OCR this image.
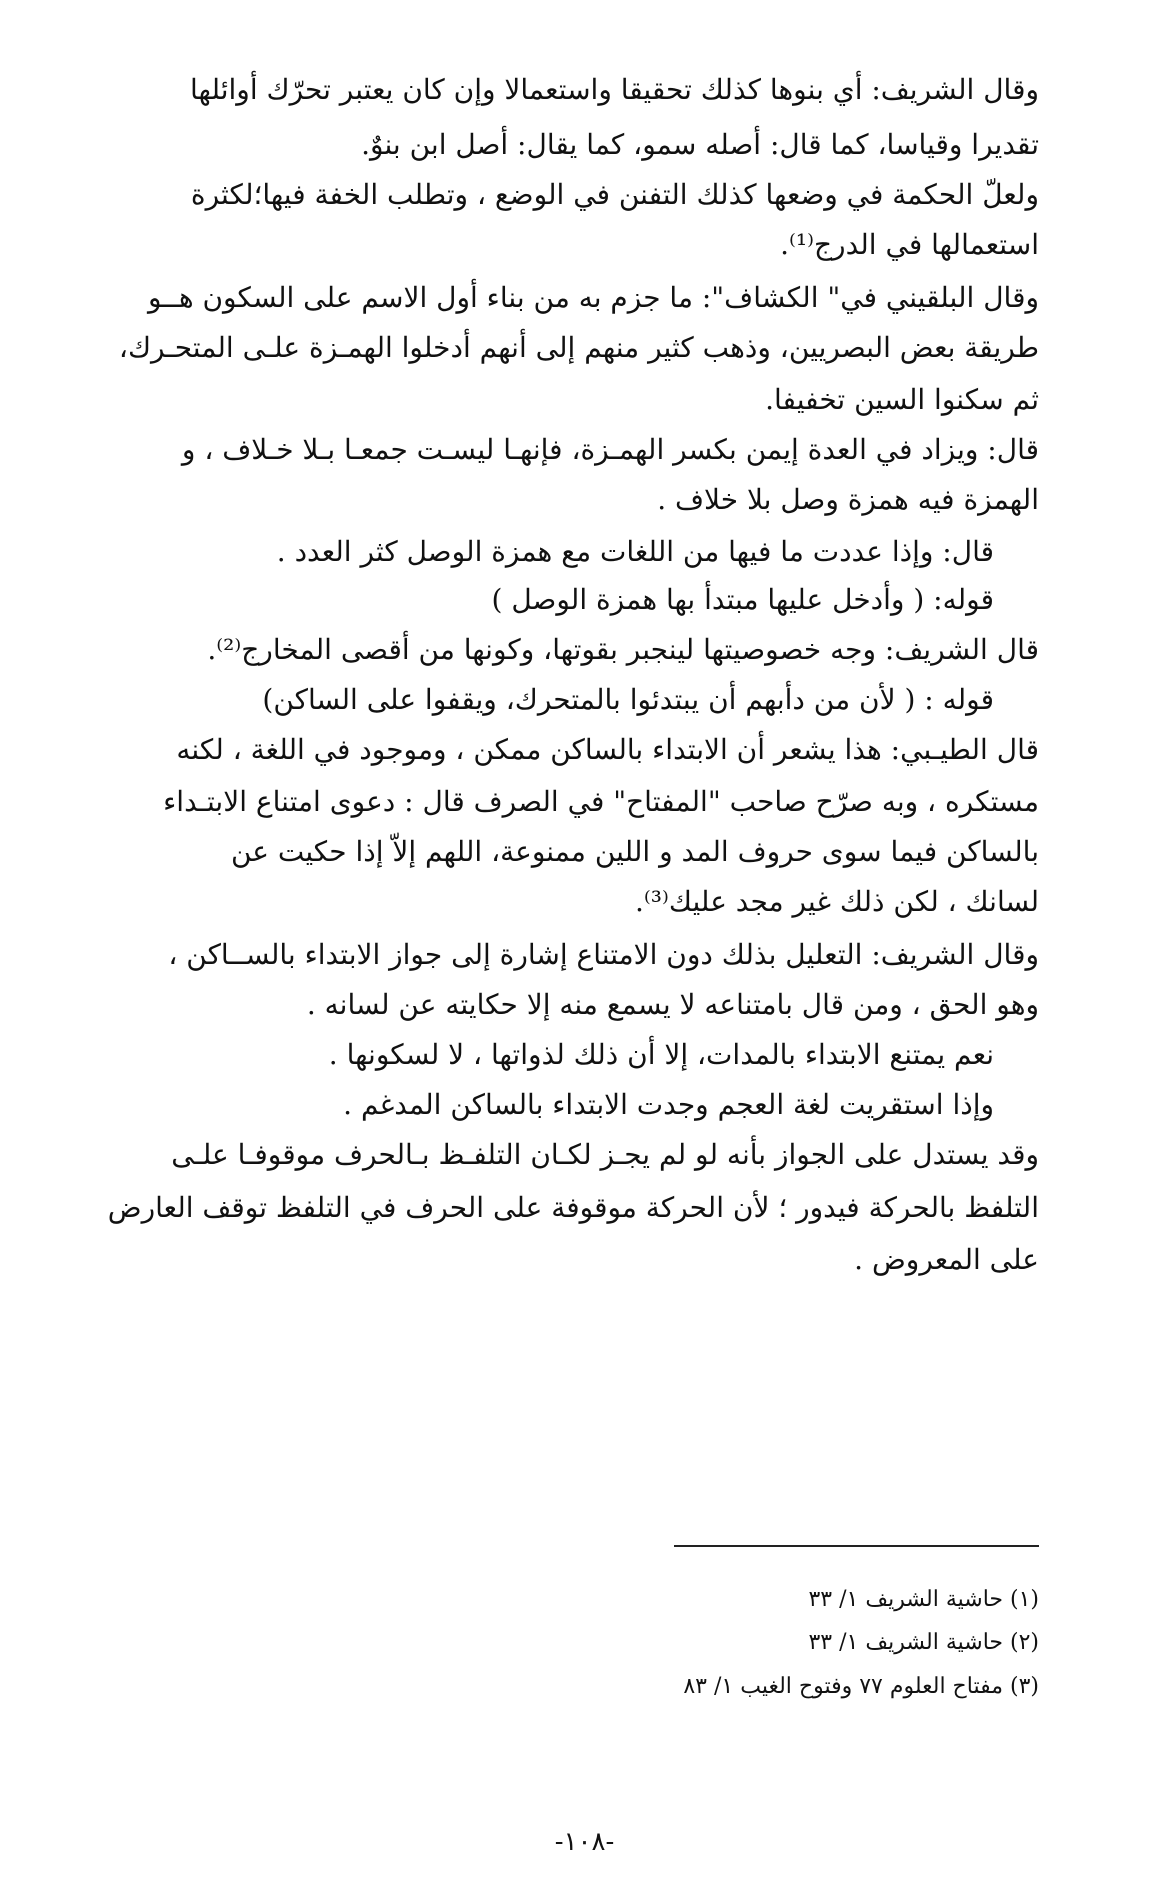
وقال الشريف: أي بنوها كذلك تحقيقا واستعمالا وإن كان يعتبر تحرّك أوائلها
تقديرا وقياسا، كما قال: أصله سمو، كما يقال: أصل ابن بنوٌ.
ولعلّ الحكمة في وضعها كذلك التفنن في الوضع ، وتطلب الخفة فيها؛لكثرة
استعمالها في الدرج⁽¹⁾.
وقال البلقيني في" الكشاف": ما جزم به من بناء أول الاسم على السكون هــو
طريقة بعض البصريين، وذهب كثير منهم إلى أنهم أدخلوا الهمـزة علـى المتحـرك،
ثم سكنوا السين تخفيفا.
قال: ويزاد في العدة إيمن بكسر الهمـزة، فإنهـا ليسـت جمعـا بـلا خـلاف ، و
الهمزة فيه همزة وصل بلا خلاف .
قال: وإذا عددت ما فيها من اللغات مع همزة الوصل كثر العدد .
قوله: ( وأدخل عليها مبتدأ بها همزة الوصل )
قال الشريف: وجه خصوصيتها لينجبر بقوتها، وكونها من أقصى المخارج⁽²⁾.
قوله : ( لأن من دأبهم أن يبتدئوا بالمتحرك، ويقفوا على الساكن)
قال الطيـبي: هذا يشعر أن الابتداء بالساكن ممكن ، وموجود في اللغة ، لكنه
مستكره ، وبه صرّح صاحب "المفتاح" في الصرف قال : دعوى امتناع الابتـداء
بالساكن فيما سوى حروف المد و اللين ممنوعة، اللهم إلاّ إذا حكيت عن
لسانك ، لكن ذلك غير مجد عليك⁽³⁾.
وقال الشريف: التعليل بذلك دون الامتناع إشارة إلى جواز الابتداء بالســاكن ،
وهو الحق ، ومن قال بامتناعه لا يسمع منه إلا حكايته عن لسانه .
نعم يمتنع الابتداء بالمدات، إلا أن ذلك لذواتها ، لا لسكونها .
وإذا استقريت لغة العجم وجدت الابتداء بالساكن المدغم .
وقد يستدل على الجواز بأنه لو لم يجـز لكـان التلفـظ بـالحرف موقوفـا علـى
التلفظ بالحركة فيدور ؛ لأن الحركة موقوفة على الحرف في التلفظ توقف العارض
على المعروض .
(١) حاشية الشريف ١/ ٣٣
(٢) حاشية الشريف ١/ ٣٣
(٣) مفتاح العلوم ٧٧ وفتوح الغيب ١/ ٨٣
-١٠٨-
